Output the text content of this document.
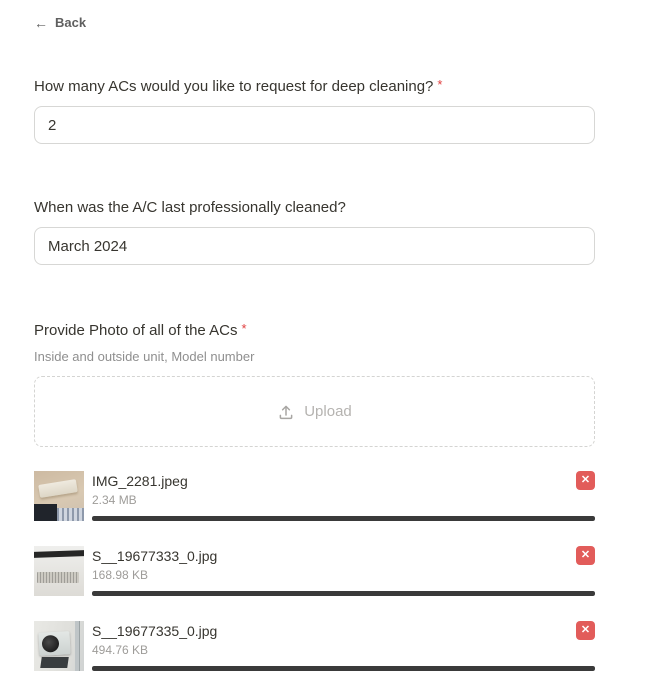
← Back
How many ACs would you like to request for deep cleaning? *
2
When was the A/C last professionally cleaned?
March 2024
Provide Photo of all of the ACs *
Inside and outside unit, Model number
Upload
IMG_2281.jpeg
2.34 MB
✕
S__19677333_0.jpg
168.98 KB
✕
S__19677335_0.jpg
494.76 KB
✕
